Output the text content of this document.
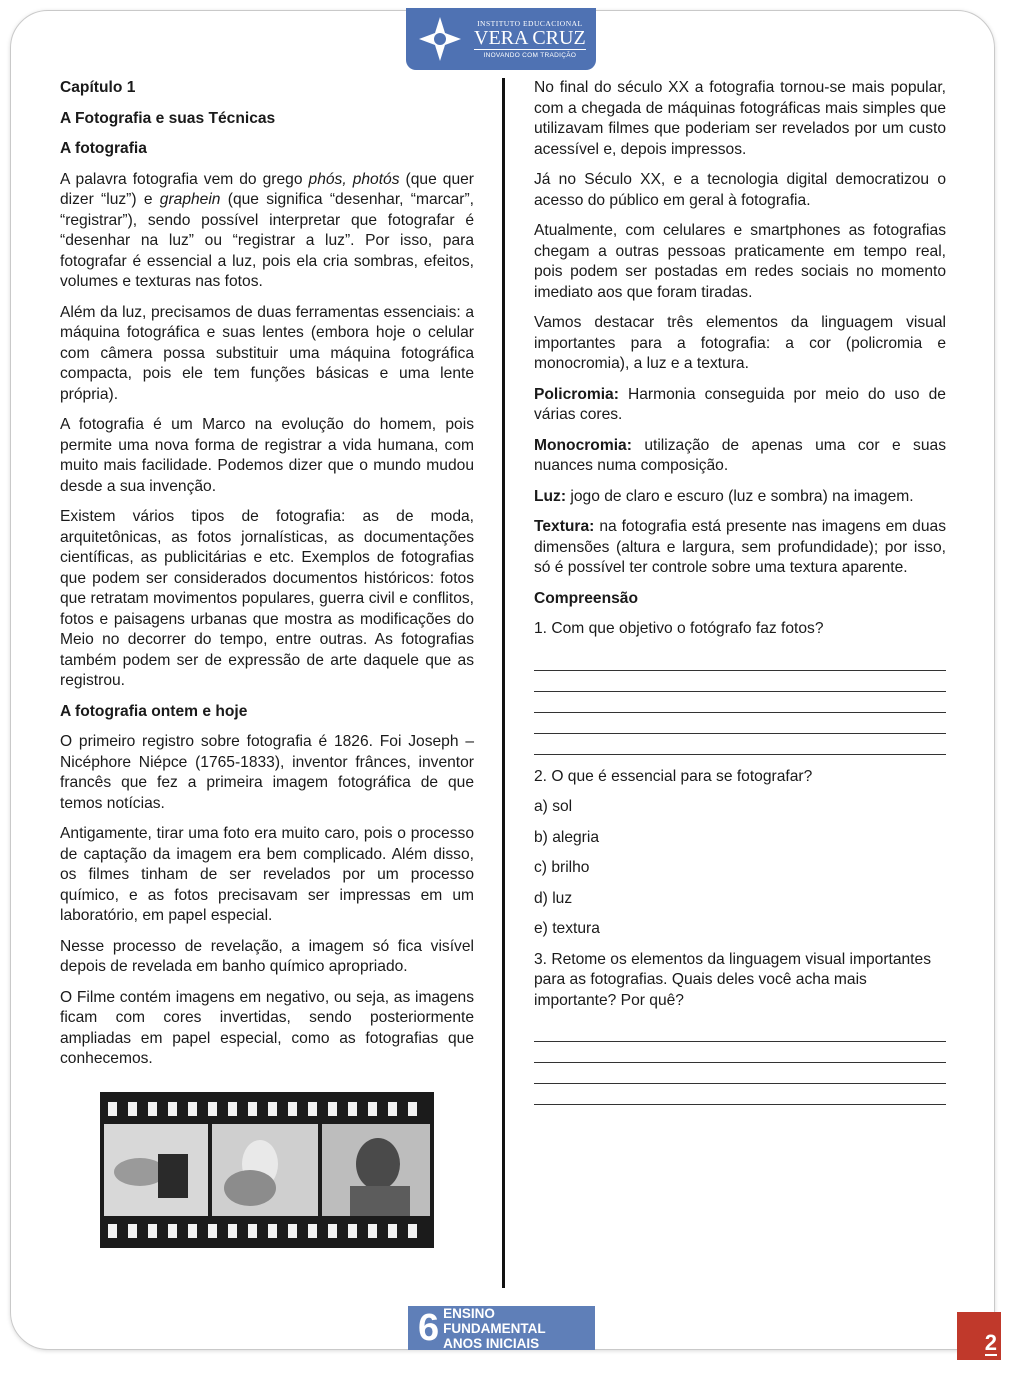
INSTITUTO EDUCACIONAL
VERA CRUZ
INOVANDO COM TRADIÇÃO
Capítulo 1
A Fotografia e suas Técnicas
A fotografia

A palavra fotografia vem do grego phós, photós (que quer dizer “luz”) e graphein (que significa “desenhar, “marcar”, “registrar”), sendo possível interpretar que fotografar é “desenhar na luz” ou “registrar a luz”. Por isso, para fotografar é essencial a luz, pois ela cria sombras, efeitos, volumes e texturas nas fotos.

Além da luz, precisamos de duas ferramentas essenciais: a máquina fotográfica e suas lentes (embora hoje o celular com câmera possa substituir uma máquina fotográfica compacta, pois ele tem funções básicas e uma lente própria).

A fotografia é um Marco na evolução do homem, pois permite uma nova forma de registrar a vida humana, com muito mais facilidade. Podemos dizer que o mundo mudou desde a sua invenção.

Existem vários tipos de fotografia: as de moda, arquitetônicas, as fotos jornalísticas, as documentações científicas, as publicitárias e etc. Exemplos de fotografias que podem ser considerados documentos históricos: fotos que retratam movimentos populares, guerra civil e conflitos, fotos e paisagens urbanas que mostra as modificações do Meio no decorrer do tempo, entre outras. As fotografias também podem ser de expressão de arte daquele que as registrou.

A fotografia ontem e hoje

O primeiro registro sobre fotografia é 1826. Foi Joseph – Nicéphore Niépce (1765-1833), inventor frânces, inventor francês que fez a primeira imagem fotográfica de que temos notícias.

Antigamente, tirar uma foto era muito caro, pois o processo de captação da imagem era bem complicado. Além disso, os filmes tinham de ser revelados por um processo químico, e as fotos precisavam ser impressas em um laboratório, em papel especial.

Nesse processo de revelação, a imagem só fica visível depois de revelada em banho químico apropriado.

O Filme contém imagens em negativo, ou seja, as imagens ficam com cores invertidas, sendo posteriormente ampliadas em papel especial, como as fotografias que conhecemos.

No final do século XX a fotografia tornou-se mais popular, com a chegada de máquinas fotográficas mais simples que utilizavam filmes que poderiam ser revelados por um custo acessível e, depois impressos.

Já no Século XX, e a tecnologia digital democratizou o acesso do público em geral à fotografia.

Atualmente, com celulares e smartphones as fotografias chegam a outras pessoas praticamente em tempo real, pois podem ser postadas em redes sociais no momento imediato aos que foram tiradas.

Vamos destacar três elementos da linguagem visual importantes para a fotografia: a cor (policromia e monocromia), a luz e a textura.

Policromia: Harmonia conseguida por meio do uso de várias cores.

Monocromia: utilização de apenas uma cor e suas nuances numa composição.

Luz: jogo de claro e escuro (luz e sombra) na imagem.

Textura: na fotografia está presente nas imagens em duas dimensões (altura e largura, sem profundidade); por isso, só é possível ter controle sobre uma textura aparente.

Compreensão

1. Com que objetivo o fotógrafo faz fotos?

2. O que é essencial para se fotografar?

a) sol

b) alegria

c) brilho

d) luz

e) textura

3. Retome os elementos da linguagem visual importantes para as fotografias. Quais deles você acha mais importante? Por quê?

6 ENSINO FUNDAMENTAL
ANOS INICIAIS	2
